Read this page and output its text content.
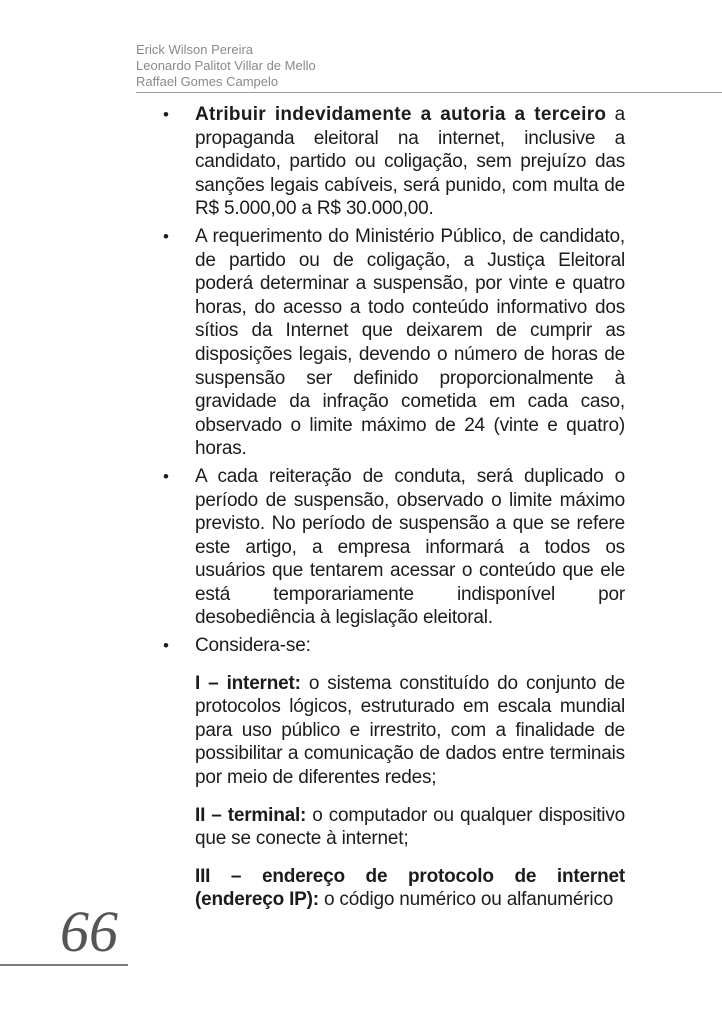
Erick Wilson Pereira
Leonardo Palitot Villar de Mello
Raffael Gomes Campelo
•	Atribuir indevidamente a autoria a terceiro a propaganda eleitoral na internet, inclusive a candidato, partido ou coligação, sem prejuízo das sanções legais cabíveis, será punido, com multa de R$ 5.000,00 a R$ 30.000,00.
•	A requerimento do Ministério Público, de candidato, de partido ou de coligação, a Justiça Eleitoral poderá determinar a suspensão, por vinte e quatro horas, do acesso a todo conteúdo informativo dos sítios da Internet que deixarem de cumprir as disposições legais, devendo o número de horas de suspensão ser definido proporcionalmente à gravidade da infração cometida em cada caso, observado o limite máximo de 24 (vinte e quatro) horas.
•	A cada reiteração de conduta, será duplicado o período de suspensão, observado o limite máximo previsto. No período de suspensão a que se refere este artigo, a empresa informará a todos os usuários que tentarem acessar o conteúdo que ele está temporariamente indisponível por desobediência à legislação eleitoral.
•	Considera-se:
I – internet: o sistema constituído do conjunto de protocolos lógicos, estruturado em escala mundial para uso público e irrestrito, com a finalidade de possibilitar a comunicação de dados entre terminais por meio de diferentes redes;
II – terminal: o computador ou qualquer dispositivo que se conecte à internet;
III – endereço de protocolo de internet (endereço IP): o código numérico ou alfanumérico
66
